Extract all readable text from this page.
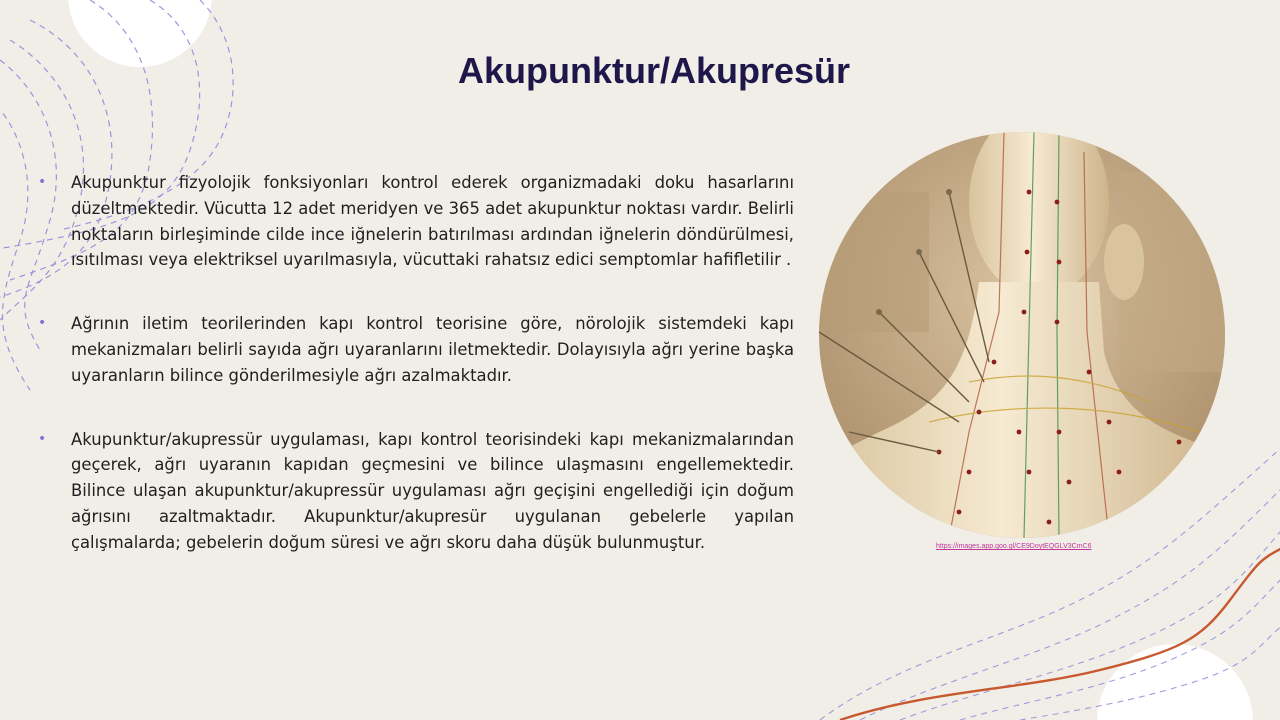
Akupunktur/Akupresür
• Akupunktur fizyolojik fonksiyonları kontrol ederek organizmadaki doku hasarlarını düzeltmektedir. Vücutta 12 adet meridyen ve 365 adet akupunktur noktası vardır. Belirli noktaların birleşiminde cilde ince iğnelerin batırılması ardından iğnelerin döndürülmesi, ısıtılması veya elektriksel uyarılmasıyla, vücuttaki rahatsız edici semptomlar hafifletilir .
• Ağrının iletim teorilerinden kapı kontrol teorisine göre, nörolojik sistemdeki kapı mekanizmaları belirli sayıda ağrı uyaranlarını iletmektedir. Dolayısıyla ağrı yerine başka uyaranların bilince gönderilmesiyle ağrı azalmaktadır.
• Akupunktur/akupressür uygulaması, kapı kontrol teorisindeki kapı mekanizmalarından geçerek, ağrı uyaranın kapıdan geçmesini ve bilince ulaşmasını engellemektedir. Bilince ulaşan akupunktur/akupressür uygulaması ağrı geçişini engellediği için doğum ağrısını azaltmaktadır. Akupunktur/akupresür uygulanan gebelerle yapılan çalışmalarda; gebelerin doğum süresi ve ağrı skoru daha düşük bulunmuştur.	https://images.app.goo.gl/CE9DoytEQGLV3CmC6
